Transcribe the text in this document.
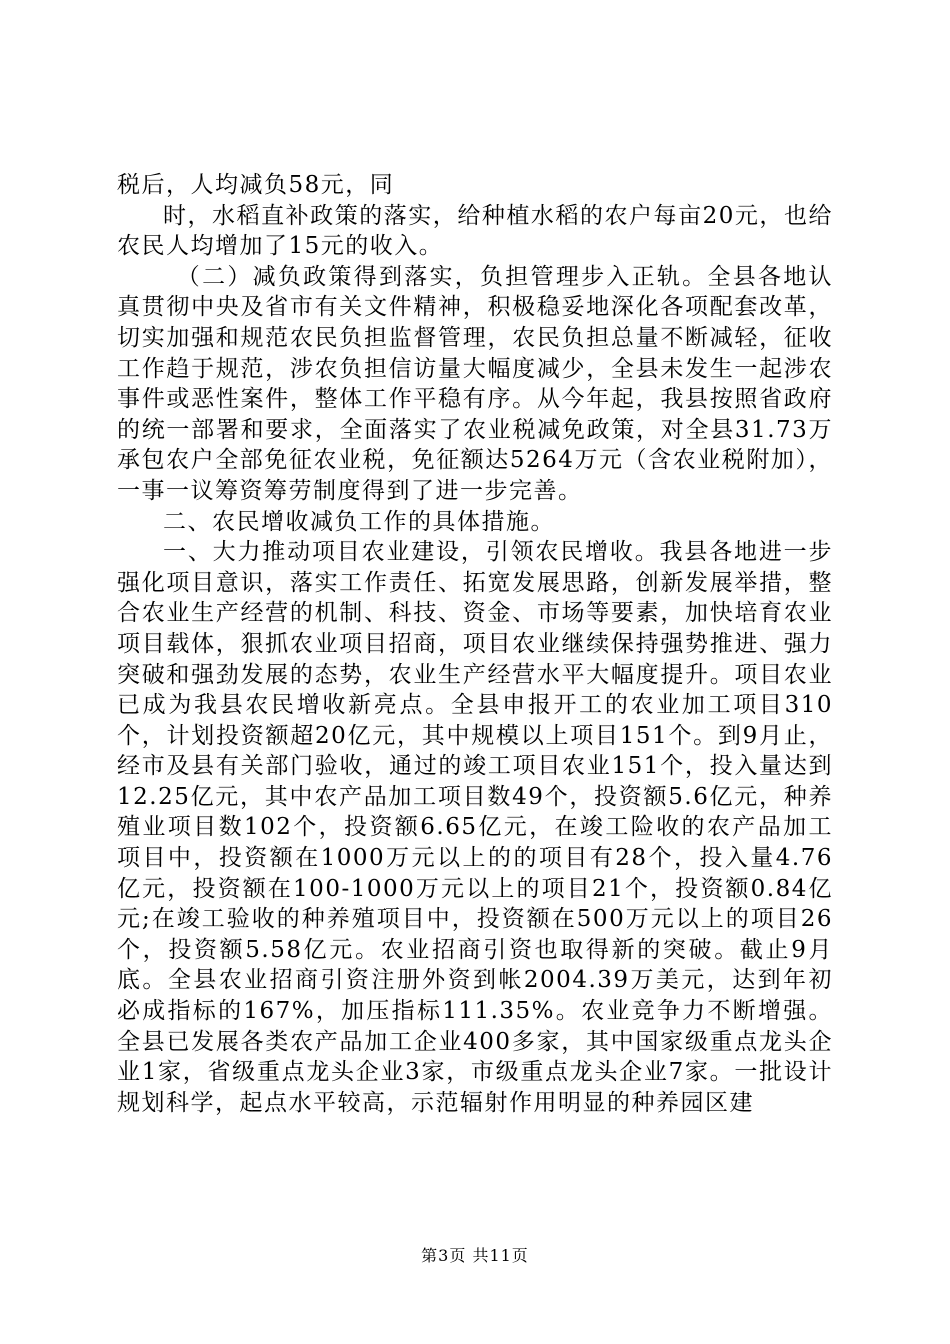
税后，人均减负58元，同

时，水稻直补政策的落实，给种植水稻的农户每亩20元，也给农民人均增加了15元的收入。

（二）减负政策得到落实，负担管理步入正轨。全县各地认真贯彻中央及省市有关文件精神，积极稳妥地深化各项配套改革，切实加强和规范农民负担监督管理，农民负担总量不断减轻，征收工作趋于规范，涉农负担信访量大幅度减少，全县未发生一起涉农事件或恶性案件，整体工作平稳有序。从今年起，我县按照省政府的统一部署和要求，全面落实了农业税减免政策，对全县31.73万承包农户全部免征农业税，免征额达5264万元（含农业税附加），一事一议筹资筹劳制度得到了进一步完善。

二、农民增收减负工作的具体措施。

一、大力推动项目农业建设，引领农民增收。我县各地进一步强化项目意识，落实工作责任、拓宽发展思路，创新发展举措，整合农业生产经营的机制、科技、资金、市场等要素，加快培育农业项目载体，狠抓农业项目招商，项目农业继续保持强势推进、强力突破和强劲发展的态势，农业生产经营水平大幅度提升。项目农业已成为我县农民增收新亮点。全县申报开工的农业加工项目310个，计划投资额超20亿元，其中规模以上项目151个。到9月止，经市及县有关部门验收，通过的竣工项目农业151个，投入量达到12.25亿元，其中农产品加工项目数49个，投资额5.6亿元，种养殖业项目数102个，投资额6.65亿元，在竣工险收的农产品加工项目中，投资额在1000万元以上的的项目有28个，投入量4.76亿元，投资额在100-1000万元以上的项目21个，投资额0.84亿元;在竣工验收的种养殖项目中，投资额在500万元以上的项目26个，投资额5.58亿元。农业招商引资也取得新的突破。截止9月底。全县农业招商引资注册外资到帐2004.39万美元，达到年初必成指标的167%，加压指标111.35%。农业竞争力不断增强。全县已发展各类农产品加工企业400多家，其中国家级重点龙头企业1家，省级重点龙头企业3家，市级重点龙头企业7家。一批设计规划科学，起点水平较高，示范辐射作用明显的种养园区建

第3页 共11页
